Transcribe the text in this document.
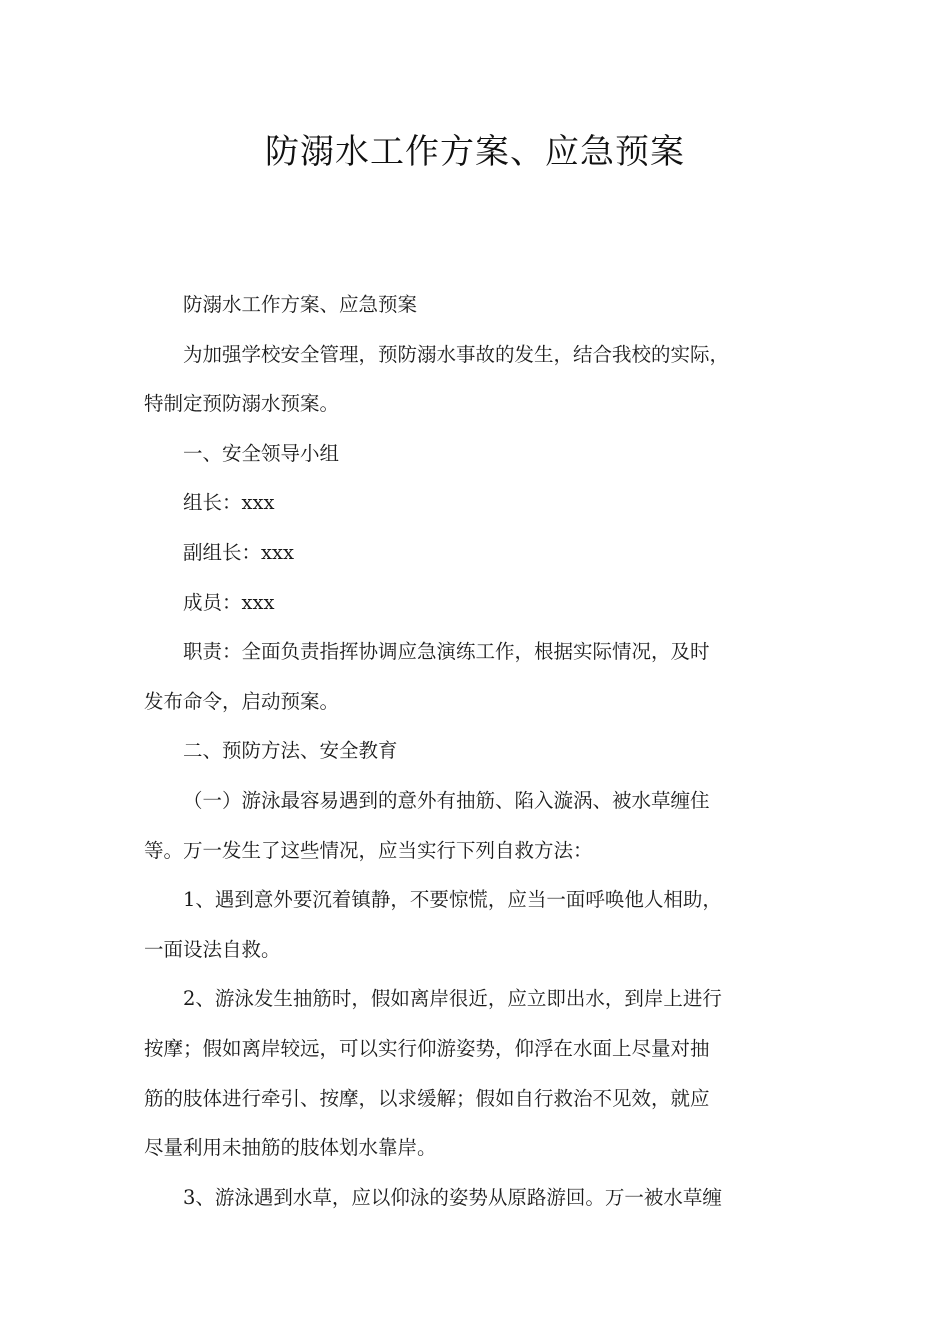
防溺水工作方案、应急预案

防溺水工作方案、应急预案

为加强学校安全管理，预防溺水事故的发生，结合我校的实际，

特制定预防溺水预案。

一、安全领导小组

组长：xxx

副组长：xxx

成员：xxx

职责：全面负责指挥协调应急演练工作，根据实际情况，及时

发布命令，启动预案。

二、预防方法、安全教育

（一）游泳最容易遇到的意外有抽筋、陷入漩涡、被水草缠住

等。万一发生了这些情况，应当实行下列自救方法：

1、遇到意外要沉着镇静，不要惊慌，应当一面呼唤他人相助，

一面设法自救。

2、游泳发生抽筋时，假如离岸很近，应立即出水，到岸上进行

按摩；假如离岸较远，可以实行仰游姿势，仰浮在水面上尽量对抽

筋的肢体进行牵引、按摩，以求缓解；假如自行救治不见效，就应

尽量利用未抽筋的肢体划水靠岸。

3、游泳遇到水草，应以仰泳的姿势从原路游回。万一被水草缠
